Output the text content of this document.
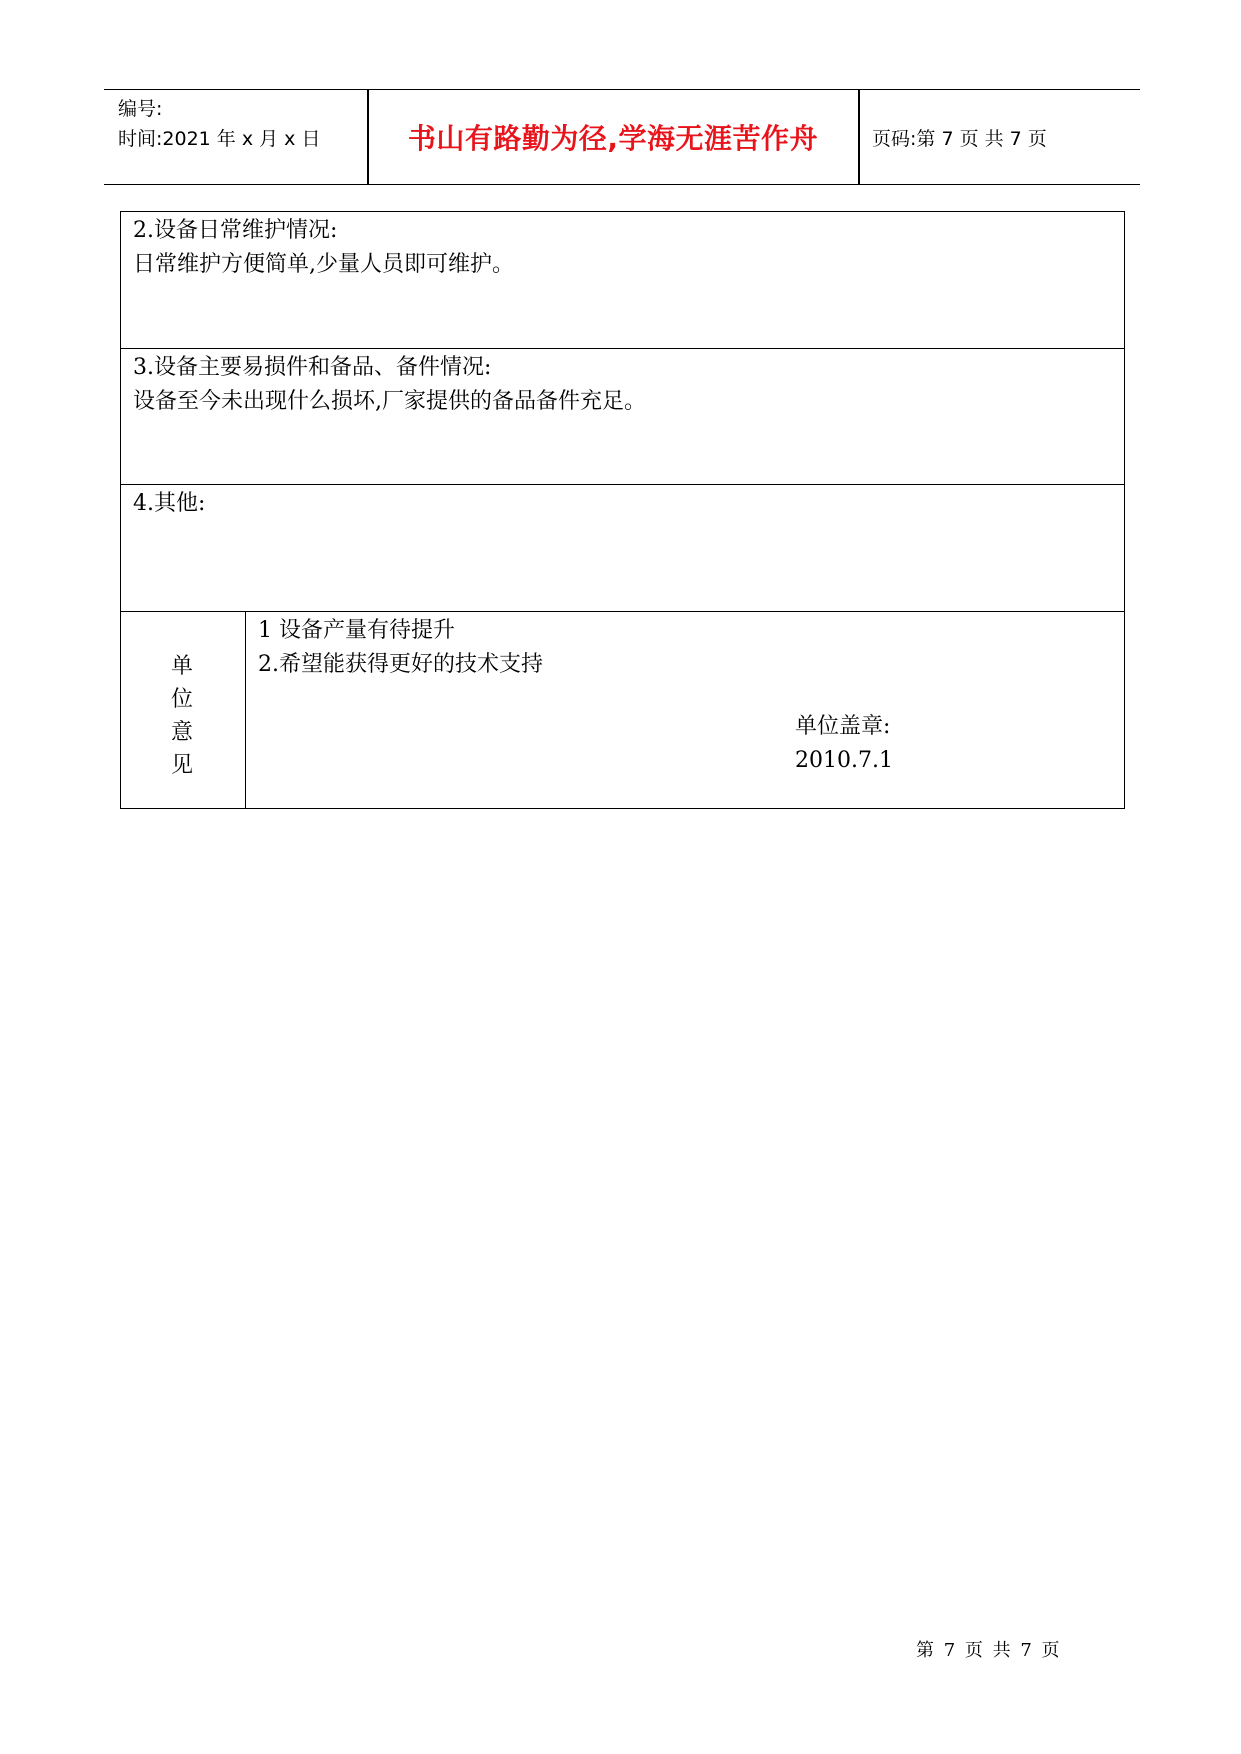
编号:
时间:2021 年 x 月 x 日	书山有路勤为径,学海无涯苦作舟	页码:第 7 页 共 7 页
2.设备日常维护情况:
日常维护方便简单,少量人员即可维护。
3.设备主要易损件和备品、备件情况:
设备至今未出现什么损坏,厂家提供的备品备件充足。
4.其他:
单
位
意
见
1 设备产量有待提升
2.希望能获得更好的技术支持
单位盖章:
2010.7.1
第 7 页 共 7 页
